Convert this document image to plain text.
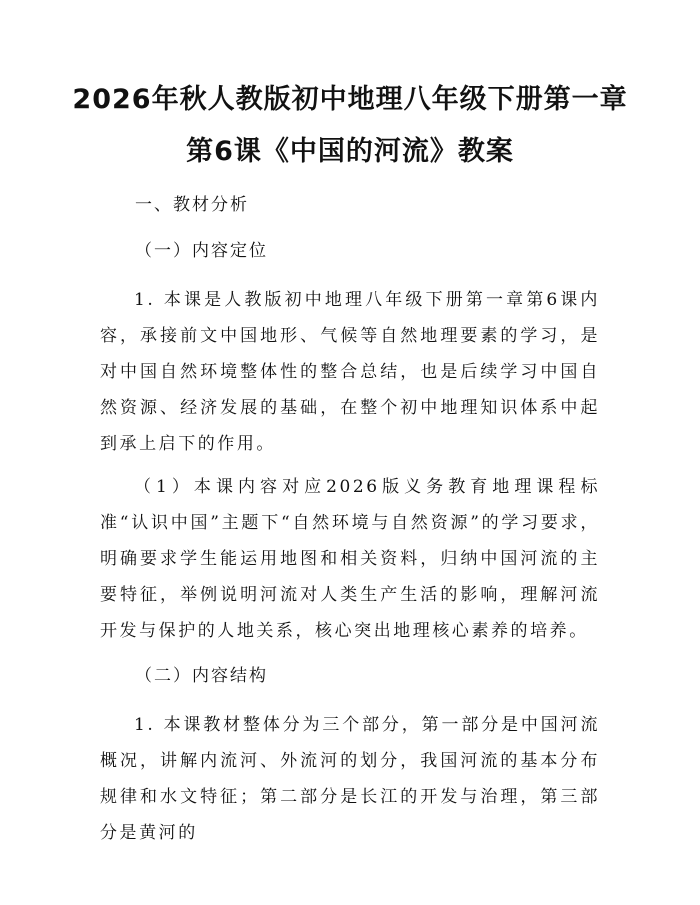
2026年秋人教版初中地理八年级下册第一章
第6课《中国的河流》教案
一、教材分析
（一）内容定位
1. 本课是人教版初中地理八年级下册第一章第6课内容，承接前文中国地形、气候等自然地理要素的学习，是对中国自然环境整体性的整合总结，也是后续学习中国自然资源、经济发展的基础，在整个初中地理知识体系中起到承上启下的作用。
（1）本课内容对应2026版义务教育地理课程标准“认识中国”主题下“自然环境与自然资源”的学习要求，明确要求学生能运用地图和相关资料，归纳中国河流的主要特征，举例说明河流对人类生产生活的影响，理解河流开发与保护的人地关系，核心突出地理核心素养的培养。
（二）内容结构
1. 本课教材整体分为三个部分，第一部分是中国河流概况，讲解内流河、外流河的划分，我国河流的基本分布规律和水文特征；第二部分是长江的开发与治理，第三部分是黄河的
